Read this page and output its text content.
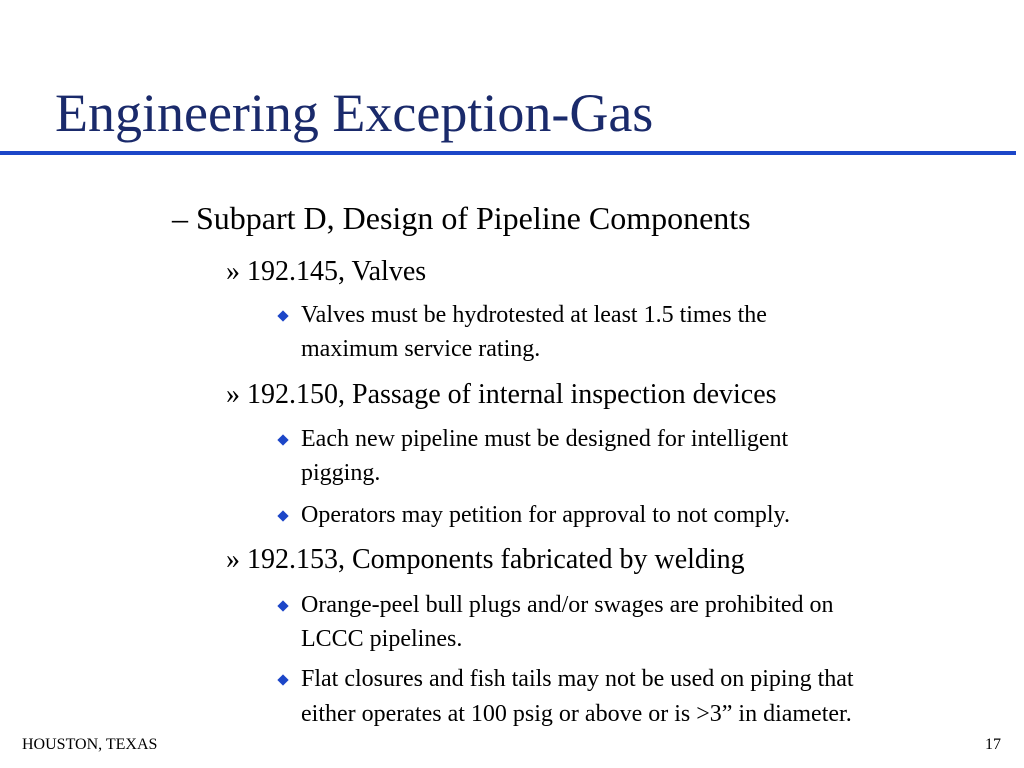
Engineering Exception-Gas
– Subpart D, Design of Pipeline Components
» 192.145, Valves
Valves must be hydrotested at least 1.5 times the
maximum service rating.
» 192.150, Passage of internal inspection devices
Each new pipeline must be designed for intelligent
pigging.
Operators may petition for approval to not comply.
» 192.153, Components fabricated by welding
Orange-peel bull plugs and/or swages are prohibited on
LCCC pipelines.
Flat closures and fish tails may not be used on piping that
either operates at 100 psig or above or is >3” in diameter.
HOUSTON, TEXAS	17
